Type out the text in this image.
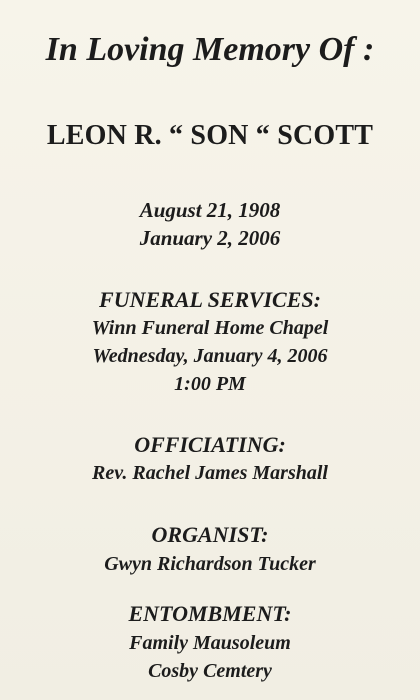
In Loving Memory Of :
LEON R. “ SON “ SCOTT
August 21, 1908
January 2, 2006
FUNERAL SERVICES:
Winn Funeral Home Chapel
Wednesday, January 4, 2006
1:00 PM
OFFICIATING:
Rev. Rachel James Marshall
ORGANIST:
Gwyn Richardson Tucker
ENTOMBMENT:
Family Mausoleum
Cosby Cemtery
